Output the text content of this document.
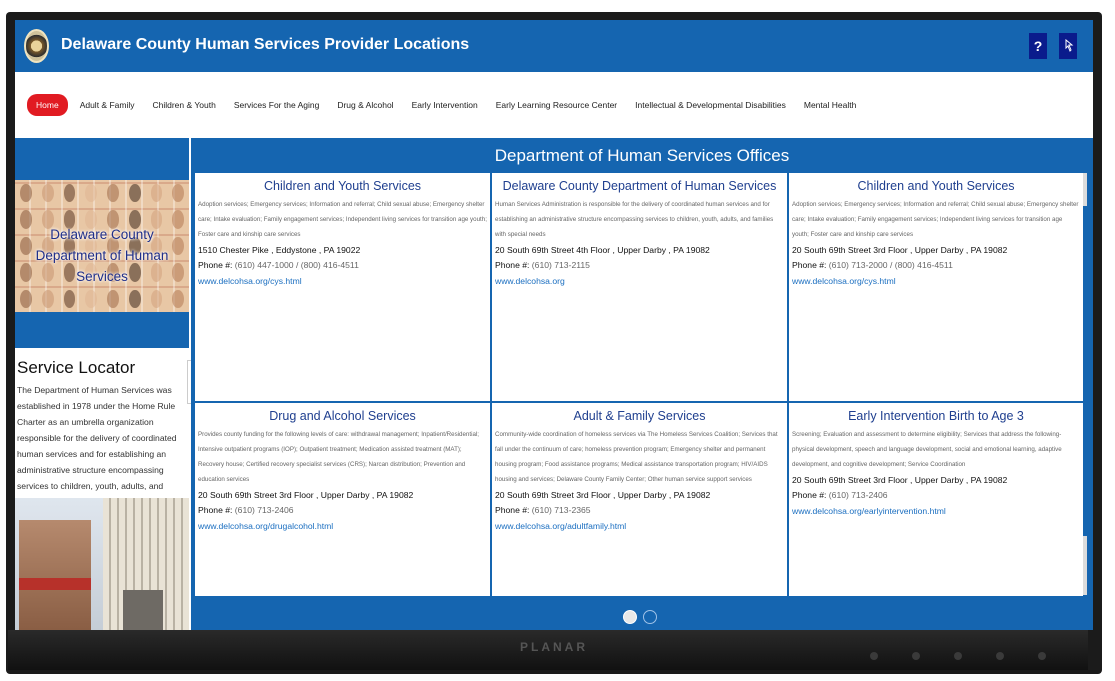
PLANAR
Delaware County Human Services Provider Locations	?
Home	Adult & Family Children & Youth Services For the Aging Drug & Alcohol Early Intervention Early Learning Resource Center Intellectual & Developmental Disabilities Mental Health
Delaware County
Department of Human Services
Service Locator
The Department of Human Services was established in 1978 under the Home Rule Charter as an umbrella organization responsible for the delivery of coordinated human services and for establishing an administrative structure encompassing services to children, youth, adults, and
Department of Human Services Offices
Children and Youth Services
Adoption services; Emergency services; Information and referral; Child sexual abuse; Emergency shelter care; Intake evaluation; Family engagement services; Independent living services for transition age youth; Foster care and kinship care services
1510 Chester Pike , Eddystone , PA 19022
Phone #: (610) 447-1000 / (800) 416-4511
www.delcohsa.org/cys.html
Delaware County Department of Human Services
Human Services Administration is responsible for the delivery of coordinated human services and for establishing an administrative structure encompassing services to children, youth, adults, and families with special needs
20 South 69th Street 4th Floor , Upper Darby , PA 19082
Phone #: (610) 713-2115
www.delcohsa.org
Children and Youth Services
Adoption services; Emergency services; Information and referral; Child sexual abuse; Emergency shelter care; Intake evaluation; Family engagement services; Independent living services for transition age youth; Foster care and kinship care services
20 South 69th Street 3rd Floor , Upper Darby , PA 19082
Phone #: (610) 713-2000 / (800) 416-4511
www.delcohsa.org/cys.html
Drug and Alcohol Services
Provides county funding for the following levels of care: withdrawal management; Inpatient/Residential; Intensive outpatient programs (IOP); Outpatient treatment; Medication assisted treatment (MAT); Recovery house; Certified recovery specialist services (CRS); Narcan distribution; Prevention and education services
20 South 69th Street 3rd Floor , Upper Darby , PA 19082
Phone #: (610) 713-2406
www.delcohsa.org/drugalcohol.html
Adult & Family Services
Community-wide coordination of homeless services via The Homeless Services Coalition; Services that fall under the continuum of care; homeless prevention program; Emergency shelter and permanent housing program; Food assistance programs; Medical assistance transportation program; HIV/AIDS housing and services; Delaware County Family Center; Other human service support services
20 South 69th Street 3rd Floor , Upper Darby , PA 19082
Phone #: (610) 713-2365
www.delcohsa.org/adultfamily.html
Early Intervention Birth to Age 3
Screening; Evaluation and assessment to determine eligibility; Services that address the following- physical development, speech and language development, social and emotional learning, adaptive development, and cognitive development; Service Coordination
20 South 69th Street 3rd Floor , Upper Darby , PA 19082
Phone #: (610) 713-2406
www.delcohsa.org/earlyintervention.html
